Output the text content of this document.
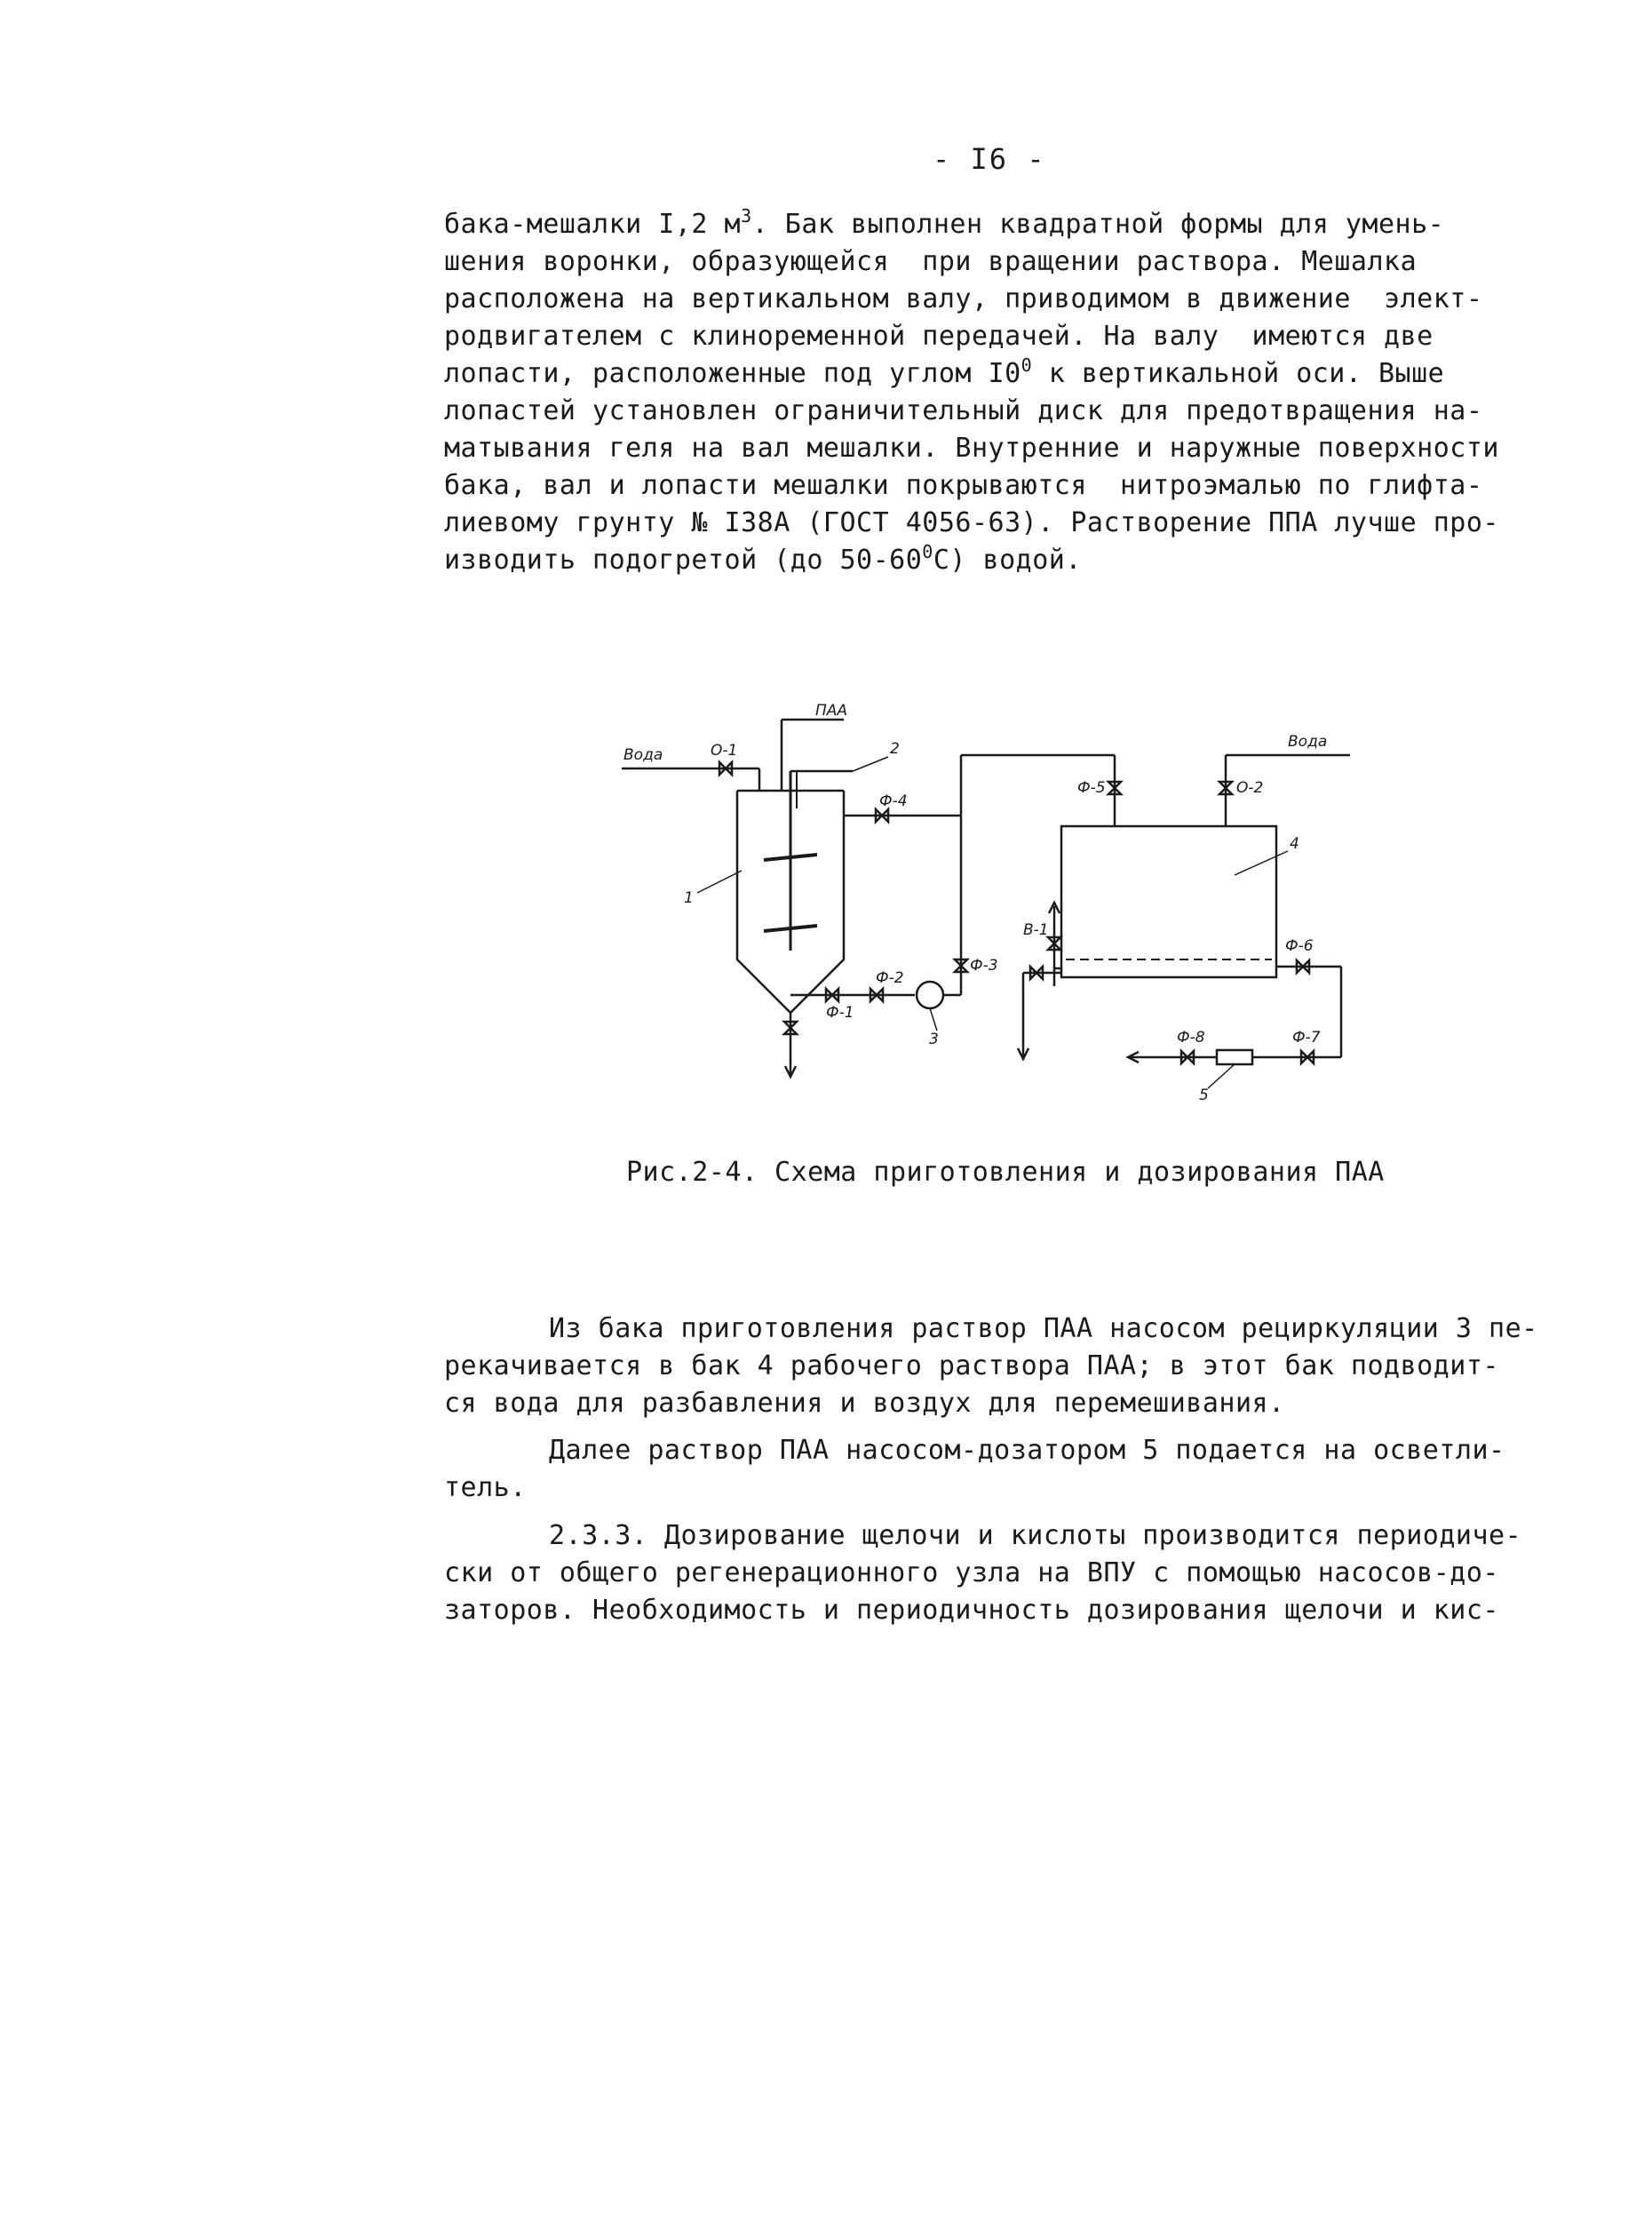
- I6 -
бака-мешалки I,2 $м^3$. Бак выполнен квадратной формы для умень-
шения воронки, образующейся  при вращении раствора. Мешалка
расположена на вертикальном валу, приводимом в движение  элект-
родвигателем с клиноременной передачей. На валу  имеются две
лопасти, расположенные под углом $I0^0$ к вертикальной оси. Выше
лопастей установлен ограничительный диск для предотвращения на-
матывания геля на вал мешалки. Внутренние и наружные поверхности
бака, вал и лопасти мешалки покрываются  нитроэмалью по глифта-
лиевому грунту № I38А (ГОСТ 4056-63). Растворение ППА лучше про-
изводить подогретой (до $50-60^0С$) водой.
Вода	О-1
ПАА
2
1
Ф-4
Ф-1
Ф-2
Ф-3
3
Ф-5
Вода
О-2
4
Ф-6
В-1
Ф-8	Ф-7
5
Рис.2-4. Схема приготовления и дозирования ПАА
Из бака приготовления раствор ПАА насосом рециркуляции 3 пе-
рекачивается в бак 4 рабочего раствора ПАА; в этот бак подводит-
ся вода для разбавления и воздух для перемешивания.
Далее раствор ПАА насосом-дозатором 5 подается на осветли-
тель.
2.3.3. Дозирование щелочи и кислоты производится периодиче-
ски от общего регенерационного узла на ВПУ с помощью насосов-до-
заторов. Необходимость и периодичность дозирования щелочи и кис-
